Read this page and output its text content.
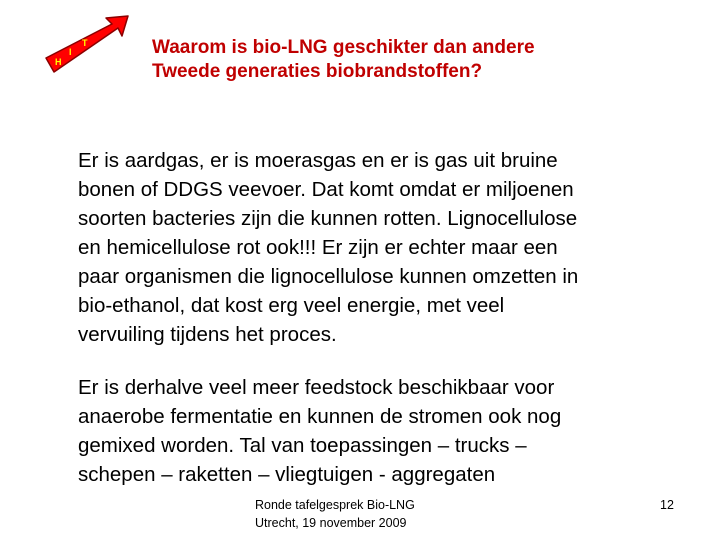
H
I
T	Waarom is bio-LNG geschikter dan andere
Tweede generaties biobrandstoffen?
Er is aardgas, er is moerasgas en er is gas uit bruine
bonen of DDGS veevoer. Dat komt omdat er miljoenen
soorten bacteries zijn die kunnen rotten. Lignocellulose
en hemicellulose rot ook!!! Er zijn er echter maar een
paar organismen die lignocellulose kunnen omzetten in
bio-ethanol, dat kost erg veel energie, met veel
vervuiling tijdens het proces.
Er is derhalve veel meer feedstock beschikbaar voor
anaerobe fermentatie en kunnen de stromen ook nog
gemixed worden. Tal van toepassingen – trucks –
schepen – raketten – vliegtuigen - aggregaten
Ronde tafelgesprek Bio-LNG
Utrecht, 19 november 2009
12
